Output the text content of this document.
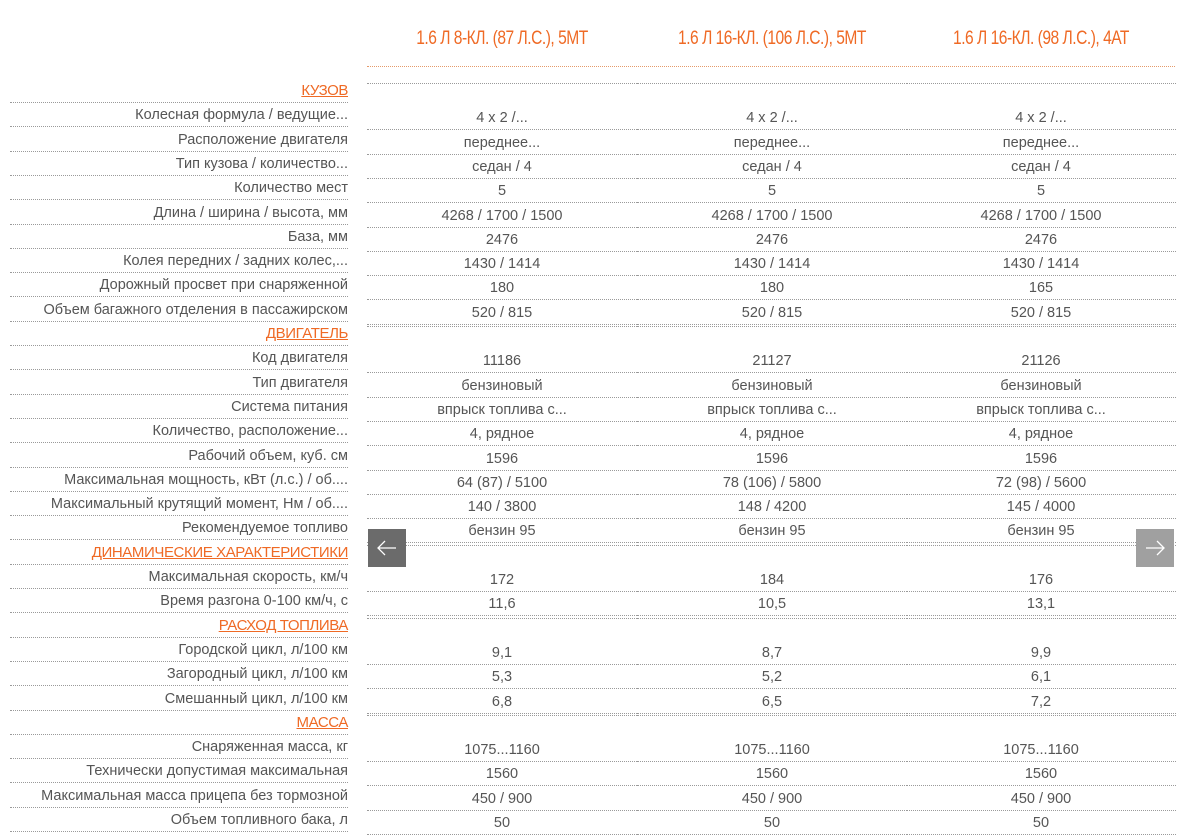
1.6 Л 8-КЛ. (87 Л.С.), 5МТ	1.6 Л 16-КЛ. (106 Л.С.), 5МТ	1.6 Л 16-КЛ. (98 Л.С.), 4АТ
КУЗОВ
Колесная формула / ведущие...	4 x 2 /...	4 x 2 /...	4 x 2 /...
Расположение двигателя	переднее...	переднее...	переднее...
Тип кузова / количество...	седан / 4	седан / 4	седан / 4
Количество мест	5	5	5
Длина / ширина / высота, мм	4268 / 1700 / 1500	4268 / 1700 / 1500	4268 / 1700 / 1500
База, мм	2476	2476	2476
Колея передних / задних колес,...	1430 / 1414	1430 / 1414	1430 / 1414
Дорожный просвет при снаряженной	180	180	165
Объем багажного отделения в пассажирском	520 / 815	520 / 815	520 / 815
ДВИГАТЕЛЬ
Код двигателя	11186	21127	21126
Тип двигателя	бензиновый	бензиновый	бензиновый
Система питания	впрыск топлива с...	впрыск топлива с...	впрыск топлива с...
Количество, расположение...	4, рядное	4, рядное	4, рядное
Рабочий объем, куб. см	1596	1596	1596
Максимальная мощность, кВт (л.с.) / об....	64 (87) / 5100	78 (106) / 5800	72 (98) / 5600
Максимальный крутящий момент, Нм / об....	140 / 3800	148 / 4200	145 / 4000
Рекомендуемое топливо	бензин 95	бензин 95	бензин 95
ДИНАМИЧЕСКИЕ ХАРАКТЕРИСТИКИ
Максимальная скорость, км/ч	172	184	176
Время разгона 0-100 км/ч, с	11,6	10,5	13,1
РАСХОД ТОПЛИВА
Городской цикл, л/100 км	9,1	8,7	9,9
Загородный цикл, л/100 км	5,3	5,2	6,1
Смешанный цикл, л/100 км	6,8	6,5	7,2
МАССА
Снаряженная масса, кг	1075...1160	1075...1160	1075...1160
Технически допустимая максимальная	1560	1560	1560
Максимальная масса прицепа без тормозной	450 / 900	450 / 900	450 / 900
Объем топливного бака, л	50	50	50
